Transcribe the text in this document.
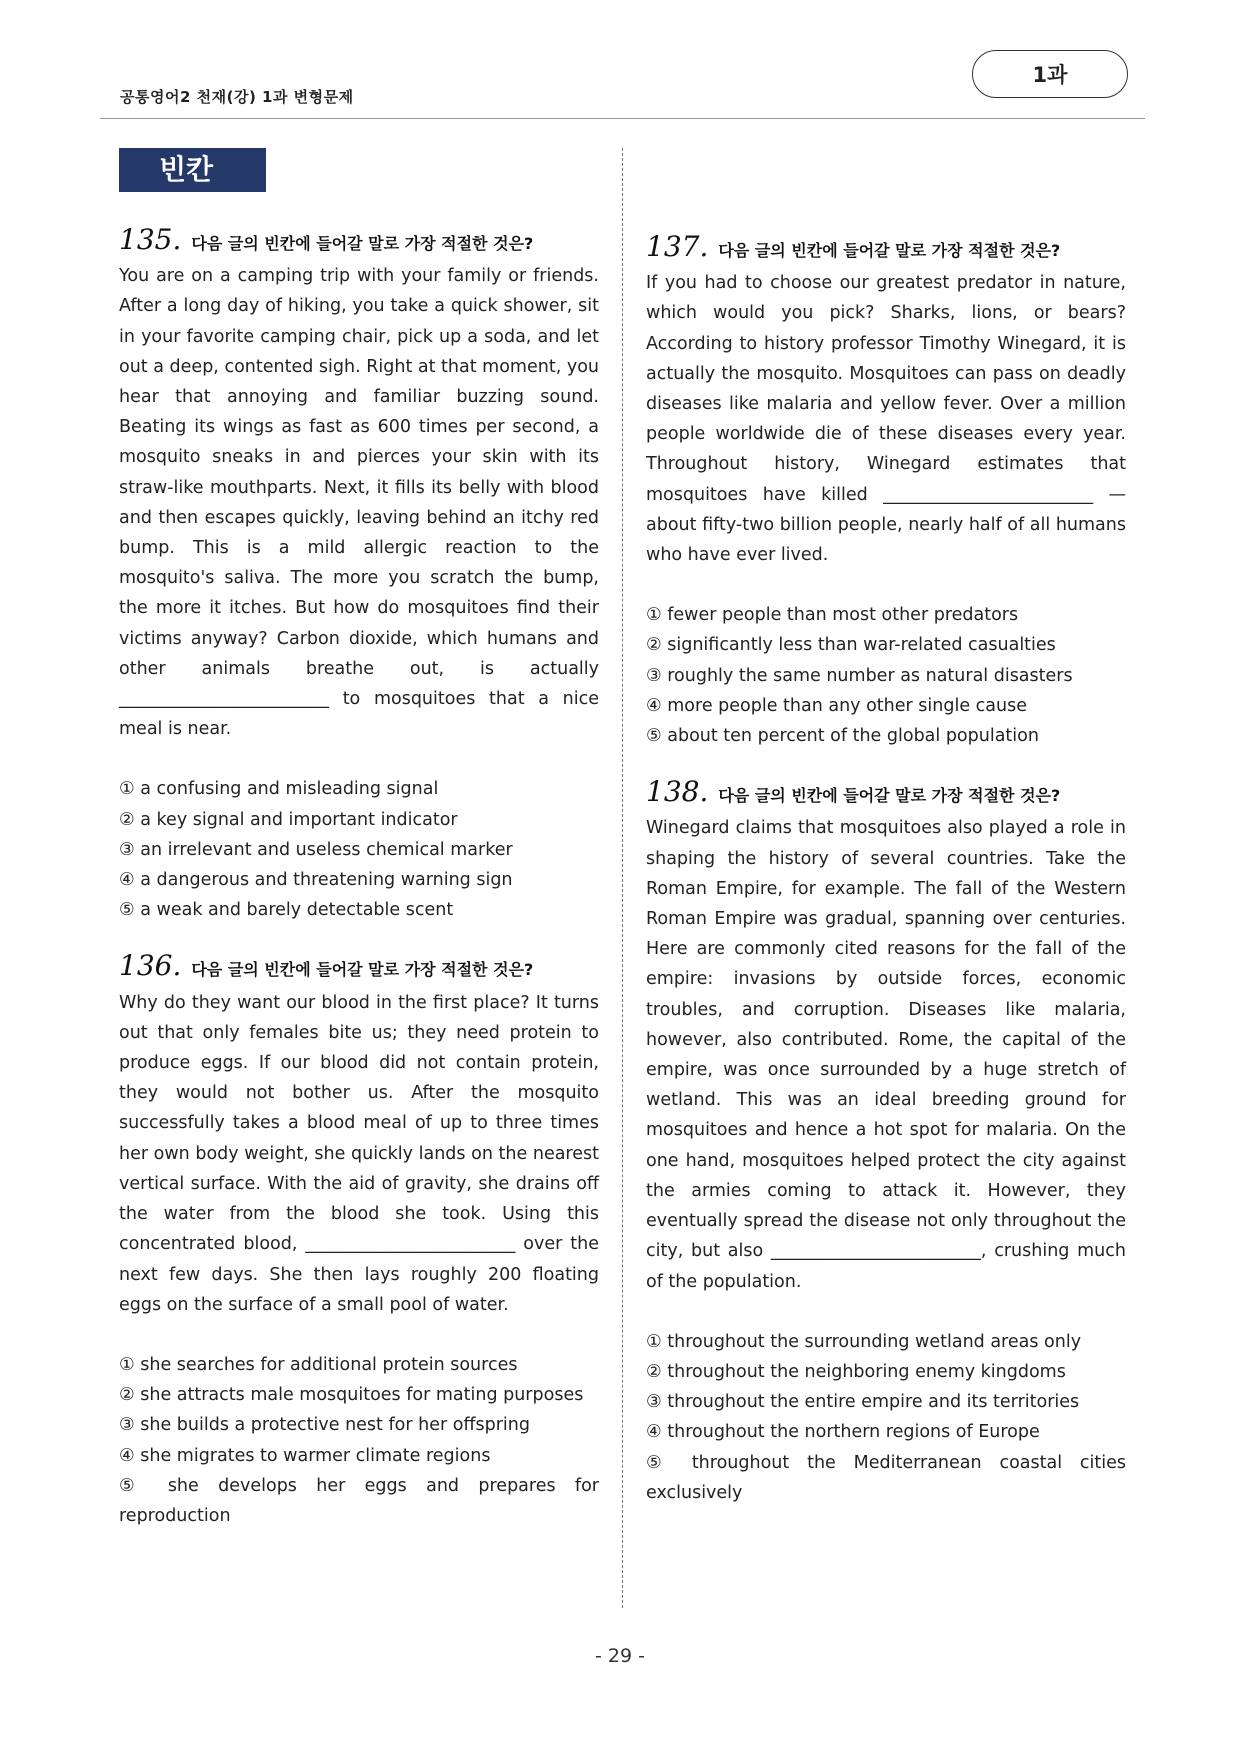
공통영어2 천재(강) 1과 변형문제
1과
빈칸
135. 다음 글의 빈칸에 들어갈 말로 가장 적절한 것은?

You are on a camping trip with your family or friends. After a long day of hiking, you take a quick shower, sit in your favorite camping chair, pick up a soda, and let out a deep, contented sigh. Right at that moment, you hear that annoying and familiar buzzing sound. Beating its wings as fast as 600 times per second, a mosquito sneaks in and pierces your skin with its straw-like mouthparts. Next, it fills its belly with blood and then escapes quickly, leaving behind an itchy red bump. This is a mild allergic reaction to the mosquito's saliva. The more you scratch the bump, the more it itches. But how do mosquitoes find their victims anyway? Carbon dioxide, which humans and other animals breathe out, is actually ________________________ to mosquitoes that a nice meal is near.

① a confusing and misleading signal
② a key signal and important indicator
③ an irrelevant and useless chemical marker
④ a dangerous and threatening warning sign
⑤ a weak and barely detectable scent
136. 다음 글의 빈칸에 들어갈 말로 가장 적절한 것은?

Why do they want our blood in the first place? It turns out that only females bite us; they need protein to produce eggs. If our blood did not contain protein, they would not bother us. After the mosquito successfully takes a blood meal of up to three times her own body weight, she quickly lands on the nearest vertical surface. With the aid of gravity, she drains off the water from the blood she took. Using this concentrated blood, ________________________ over the next few days. She then lays roughly 200 floating eggs on the surface of a small pool of water.

① she searches for additional protein sources
② she attracts male mosquitoes for mating purposes
③ she builds a protective nest for her offspring
④ she migrates to warmer climate regions
⑤ she develops her eggs and prepares for reproduction
137. 다음 글의 빈칸에 들어갈 말로 가장 적절한 것은?

If you had to choose our greatest predator in nature, which would you pick? Sharks, lions, or bears? According to history professor Timothy Winegard, it is actually the mosquito. Mosquitoes can pass on deadly diseases like malaria and yellow fever. Over a million people worldwide die of these diseases every year. Throughout history, Winegard estimates that mosquitoes have killed ________________________ — about fifty-two billion people, nearly half of all humans who have ever lived.

① fewer people than most other predators
② significantly less than war-related casualties
③ roughly the same number as natural disasters
④ more people than any other single cause
⑤ about ten percent of the global population
138. 다음 글의 빈칸에 들어갈 말로 가장 적절한 것은?

Winegard claims that mosquitoes also played a role in shaping the history of several countries. Take the Roman Empire, for example. The fall of the Western Roman Empire was gradual, spanning over centuries. Here are commonly cited reasons for the fall of the empire: invasions by outside forces, economic troubles, and corruption. Diseases like malaria, however, also contributed. Rome, the capital of the empire, was once surrounded by a huge stretch of wetland. This was an ideal breeding ground for mosquitoes and hence a hot spot for malaria. On the one hand, mosquitoes helped protect the city against the armies coming to attack it. However, they eventually spread the disease not only throughout the city, but also ________________________, crushing much of the population.

① throughout the surrounding wetland areas only
② throughout the neighboring enemy kingdoms
③ throughout the entire empire and its territories
④ throughout the northern regions of Europe
⑤ throughout the Mediterranean coastal cities exclusively
- 29 -
